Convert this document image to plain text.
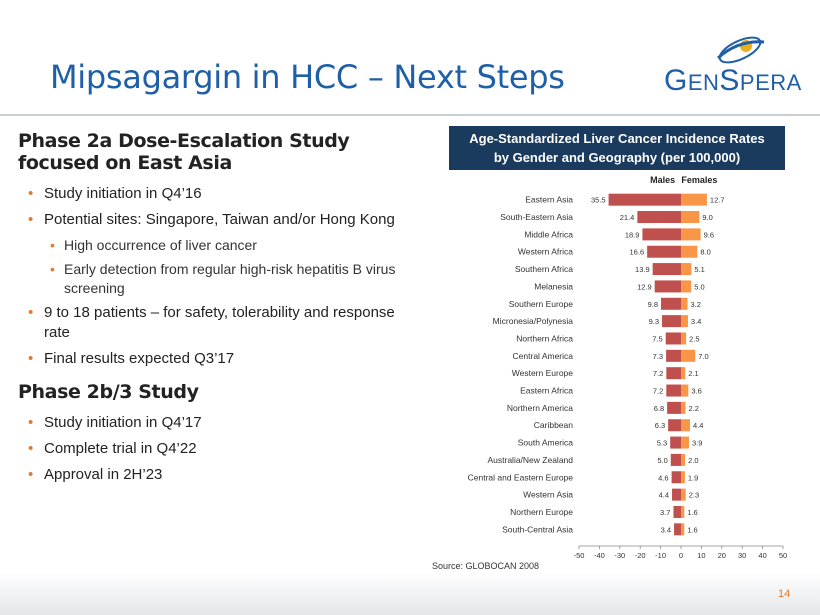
Mipsagargin in HCC – Next Steps	GENSPERA
Phase 2a Dose-Escalation Study
focused on East Asia
• Study initiation in Q4’16
• Potential sites: Singapore, Taiwan and/or Hong Kong
• High occurrence of liver cancer
• Early detection from regular high-risk hepatitis B virus screening
• 9 to 18 patients – for safety, tolerability and response rate
• Final results expected Q3’17
Phase 2b/3 Study
• Study initiation in Q4’17
• Complete trial in Q4’22
• Approval in 2H’23
Age-Standardized Liver Cancer Incidence Rates
by Gender and Geography (per 100,000)
Males Females
Eastern Asia 35.5	12.7
South-Eastern Asia	21.4	9.0
Middle Africa	18.9	9.6
Western Africa	16.6	8.0
Southern Africa	13.9	5.1
Melanesia	12.9	5.0
Southern Europe	9.8	3.2
Micronesia/Polynesia	9.3	3.4
Northern Africa	7.5	2.5
Central America	7.3	7.0
Western Europe	7.2	2.1
Eastern Africa	7.2	3.6
Northern America	6.8	2.2
Caribbean	6.3	4.4
South America	5.3	3.9
Australia/New Zealand	5.0	2.0
Central and Eastern Europe	4.6	1.9
Western Asia	4.4	2.3
Northern Europe	3.7 1.6
South-Central Asia	3.4 1.6
-50 -40 -30 -20 -10 0 10 20 30 40 50
Source: GLOBOCAN 2008
14
